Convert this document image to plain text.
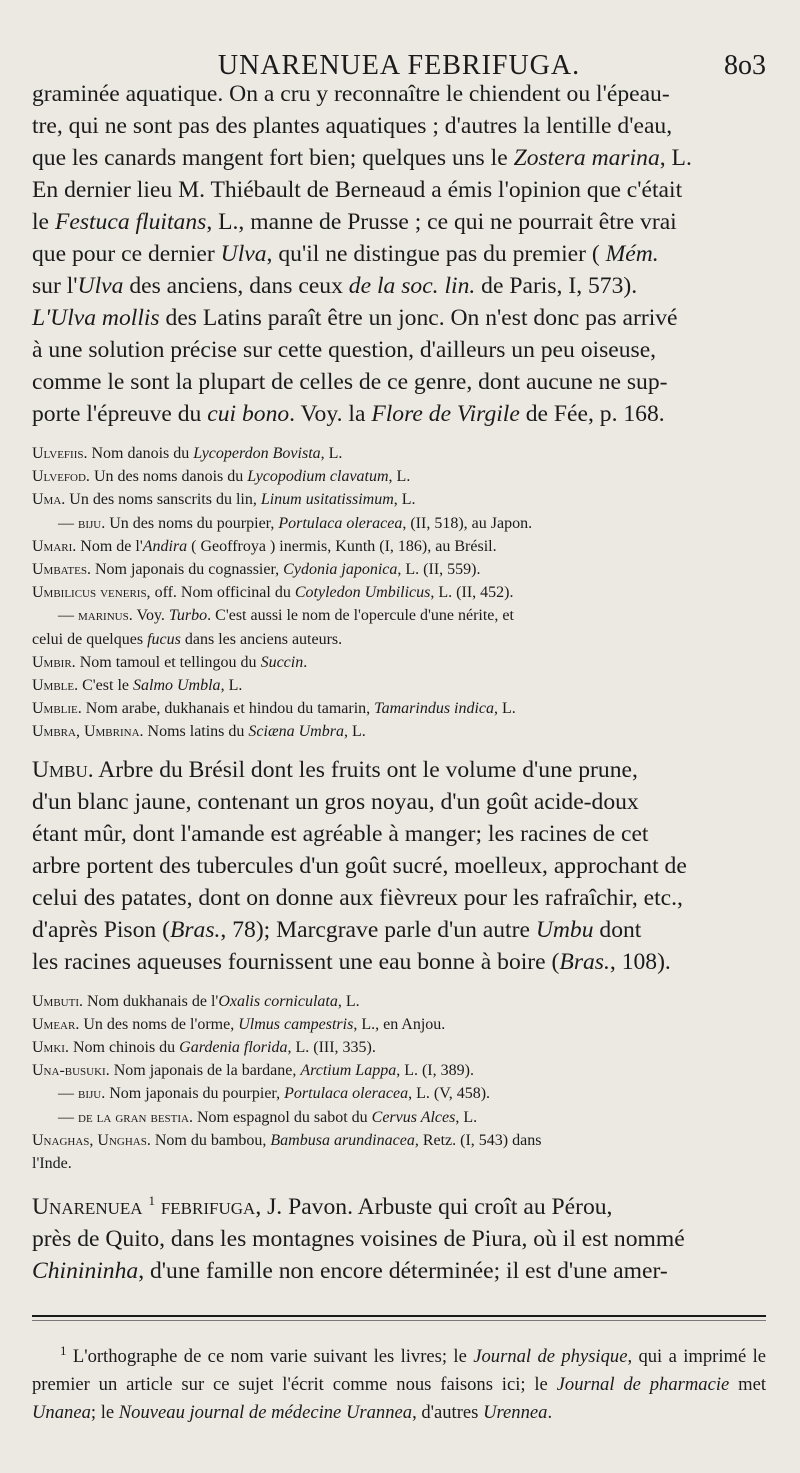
UNARENUEA FEBRIFUGA.	8o3

graminée aquatique. On a cru y reconnaître le chiendent ou l'épeau-

tre, qui ne sont pas des plantes aquatiques ; d'autres la lentille d'eau,

que les canards mangent fort bien; quelques uns le Zostera marina, L.

En dernier lieu M. Thiébault de Berneaud a émis l'opinion que c'était

le Festuca fluitans, L., manne de Prusse ; ce qui ne pourrait être vrai

que pour ce dernier Ulva, qu'il ne distingue pas du premier ( Mém.

sur l'Ulva des anciens, dans ceux de la soc. lin. de Paris, I, 573).

L'Ulva mollis des Latins paraît être un jonc. On n'est donc pas arrivé

à une solution précise sur cette question, d'ailleurs un peu oiseuse,

comme le sont la plupart de celles de ce genre, dont aucune ne sup-

porte l'épreuve du cui bono. Voy. la Flore de Virgile de Fée, p. 168.

Ulvefiis. Nom danois du Lycoperdon Bovista, L.

Ulvefod. Un des noms danois du Lycopodium clavatum, L.

Uma. Un des noms sanscrits du lin, Linum usitatissimum, L.

— biju. Un des noms du pourpier, Portulaca oleracea, (II, 518), au Japon.

Umari. Nom de l'Andira ( Geoffroya ) inermis, Kunth (I, 186), au Brésil.

Umbates. Nom japonais du cognassier, Cydonia japonica, L. (II, 559).

Umbilicus veneris, off. Nom officinal du Cotyledon Umbilicus, L. (II, 452).

— marinus. Voy. Turbo. C'est aussi le nom de l'opercule d'une nérite, et

celui de quelques fucus dans les anciens auteurs.

Umbir. Nom tamoul et tellingou du Succin.

Umble. C'est le Salmo Umbla, L.

Umblie. Nom arabe, dukhanais et hindou du tamarin, Tamarindus indica, L.

Umbra, Umbrina. Noms latins du Sciæna Umbra, L.

Umbu. Arbre du Brésil dont les fruits ont le volume d'une prune,

d'un blanc jaune, contenant un gros noyau, d'un goût acide-doux

étant mûr, dont l'amande est agréable à manger; les racines de cet

arbre portent des tubercules d'un goût sucré, moelleux, approchant de

celui des patates, dont on donne aux fièvreux pour les rafraîchir, etc.,

d'après Pison (Bras., 78); Marcgrave parle d'un autre Umbu dont

les racines aqueuses fournissent une eau bonne à boire (Bras., 108).

Umbuti. Nom dukhanais de l'Oxalis corniculata, L.

Umear. Un des noms de l'orme, Ulmus campestris, L., en Anjou.

Umki. Nom chinois du Gardenia florida, L. (III, 335).

Una-busuki. Nom japonais de la bardane, Arctium Lappa, L. (I, 389).

— biju. Nom japonais du pourpier, Portulaca oleracea, L. (V, 458).

— de la gran bestia. Nom espagnol du sabot du Cervus Alces, L.

Unaghas, Unghas. Nom du bambou, Bambusa arundinacea, Retz. (I, 543) dans

l'Inde.

Unarenuea $^1$ febrifuga, J. Pavon. Arbuste qui croît au Pérou,

près de Quito, dans les montagnes voisines de Piura, où il est nommé

Chinininha, d'une famille non encore déterminée; il est d'une amer-

$^1$ L'orthographe de ce nom varie suivant les livres; le Journal de physique, qui a imprimé le premier un article sur ce sujet l'écrit comme nous faisons ici; le Journal de pharmacie met Unanea; le Nouveau journal de médecine Urannea, d'autres Urennea.
